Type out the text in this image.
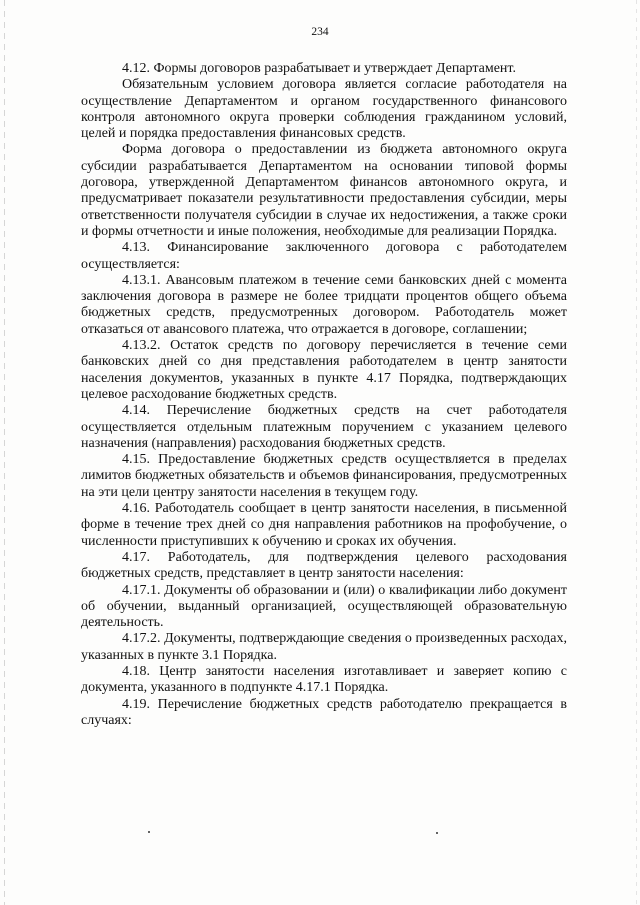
234

4.12. Формы договоров разрабатывает и утверждает Департамент.

Обязательным условием договора является согласие работодателя на осуществление Департаментом и органом государственного финансового контроля автономного округа проверки соблюдения гражданином условий, целей и порядка предоставления финансовых средств.

Форма договора о предоставлении из бюджета автономного округа субсидии разрабатывается Департаментом на основании типовой формы договора, утвержденной Департаментом финансов автономного округа, и предусматривает показатели результативности предоставления субсидии, меры ответственности получателя субсидии в случае их недостижения, а также сроки и формы отчетности и иные положения, необходимые для реализации Порядка.

4.13. Финансирование заключенного договора с работодателем осуществляется:

4.13.1. Авансовым платежом в течение семи банковских дней с момента заключения договора в размере не более тридцати процентов общего объема бюджетных средств, предусмотренных договором. Работодатель может отказаться от авансового платежа, что отражается в договоре, соглашении;

4.13.2. Остаток средств по договору перечисляется в течение семи банковских дней со дня представления работодателем в центр занятости населения документов, указанных в пункте 4.17 Порядка, подтверждающих целевое расходование бюджетных средств.

4.14. Перечисление бюджетных средств на счет работодателя осуществляется отдельным платежным поручением с указанием целевого назначения (направления) расходования бюджетных средств.

4.15. Предоставление бюджетных средств осуществляется в пределах лимитов бюджетных обязательств и объемов финансирования, предусмотренных на эти цели центру занятости населения в текущем году.

4.16. Работодатель сообщает в центр занятости населения, в письменной форме в течение трех дней со дня направления работников на профобучение, о численности приступивших к обучению и сроках их обучения.

4.17. Работодатель, для подтверждения целевого расходования бюджетных средств, представляет в центр занятости населения:

4.17.1. Документы об образовании и (или) о квалификации либо документ об обучении, выданный организацией, осуществляющей образовательную деятельность.

4.17.2. Документы, подтверждающие сведения о произведенных расходах, указанных в пункте 3.1 Порядка.

4.18. Центр занятости населения изготавливает и заверяет копию с документа, указанного в подпункте 4.17.1 Порядка.

4.19. Перечисление бюджетных средств работодателю прекращается в случаях:
